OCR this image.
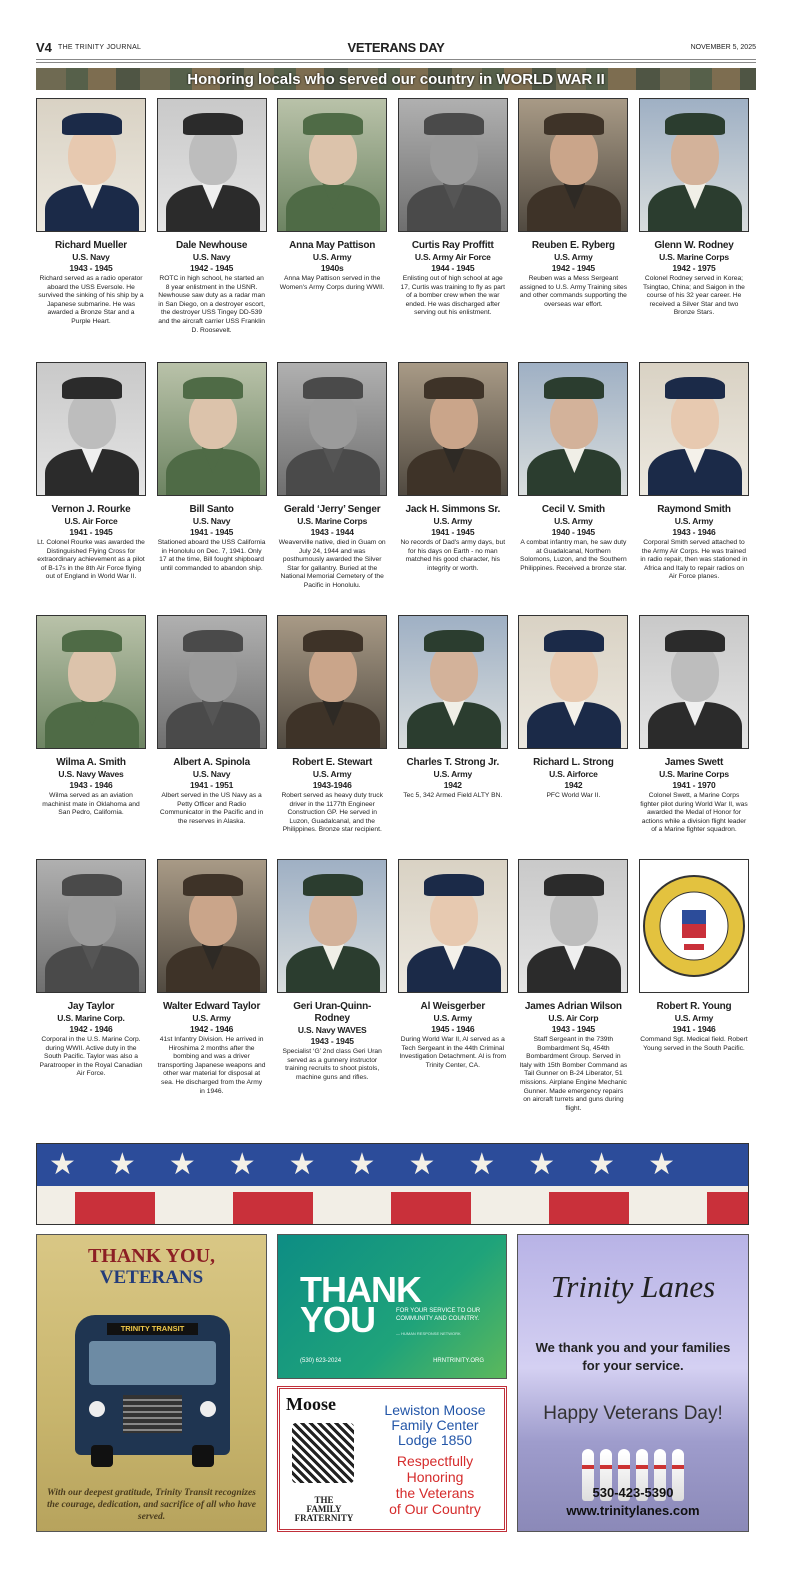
V4 THE TRINITY JOURNAL	VETERANS DAY	NOVEMBER 5, 2025
Honoring locals who served our country in WORLD WAR II
Richard Mueller
U.S. Navy
1943 - 1945
Richard served as a radio operator aboard the USS Eversole. He survived the sinking of his ship by a Japanese submarine. He was awarded a Bronze Star and a Purple Heart.
Dale Newhouse
U.S. Navy
1942 - 1945
ROTC in high school, he started an 8 year enlistment in the USNR. Newhouse saw duty as a radar man in San Diego, on a destroyer escort, the destroyer USS Tingey DD-539 and the aircraft carrier USS Franklin D. Roosevelt.
Anna May Pattison
U.S. Army
1940s
Anna May Pattison served in the Women's Army Corps during WWII.
Curtis Ray Proffitt
U.S. Army Air Force
1944 - 1945
Enlisting out of high school at age 17, Curtis was training to fly as part of a bomber crew when the war ended. He was discharged after serving out his enlistment.
Reuben E. Ryberg
U.S. Army
1942 - 1945
Reuben was a Mess Sergeant assigned to U.S. Army Training sites and other commands supporting the overseas war effort.
Glenn W. Rodney
U.S. Marine Corps
1942 - 1975
Colonel Rodney served in Korea; Tsingtao, China; and Saigon in the course of his 32 year career. He received a Silver Star and two Bronze Stars.
Vernon J. Rourke
U.S. Air Force
1941 - 1945
Lt. Colonel Rourke was awarded the Distinguished Flying Cross for extraordinary achievement as a pilot of B-17s in the 8th Air Force flying out of England in World War II.
Bill Santo
U.S. Navy
1941 - 1945
Stationed aboard the USS California in Honolulu on Dec. 7, 1941. Only 17 at the time, Bill fought shipboard until commanded to abandon ship.
Gerald ‘Jerry’ Senger
U.S. Marine Corps
1943 - 1944
Weaverville native, died in Guam on July 24, 1944 and was posthumously awarded the Silver Star for gallantry. Buried at the National Memorial Cemetery of the Pacific in Honolulu.
Jack H. Simmons Sr.
U.S. Army
1941 - 1945
No records of Dad's army days, but for his days on Earth - no man matched his good character, his integrity or worth.
Cecil V. Smith
U.S. Army
1940 - 1945
A combat infantry man, he saw duty at Guadalcanal, Northern Solomons, Luzon, and the Southern Philippines. Received a bronze star.
Raymond Smith
U.S. Army
1943 - 1946
Corporal Smith served attached to the Army Air Corps. He was trained in radio repair, then was stationed in Africa and Italy to repair radios on Air Force planes.
Wilma A. Smith
U.S. Navy Waves
1943 - 1946
Wilma served as an aviation machinist mate in Oklahoma and San Pedro, California.
Albert A. Spinola
U.S. Navy
1941 - 1951
Albert served in the US Navy as a Petty Officer and Radio Communicator in the Pacific and in the reserves in Alaska.
Robert E. Stewart
U.S. Army
1943-1946
Robert served as heavy duty truck driver in the 1177th Engineer Construction GP. He served in Luzon, Guadalcanal, and the Philippines. Bronze star recipient.
Charles T. Strong Jr.
U.S. Army
1942
Tec 5, 342 Armed Field ALTY BN.
Richard L. Strong
U.S. Airforce
1942
PFC World War II.
James Swett
U.S. Marine Corps
1941 - 1970
Colonel Swett, a Marine Corps fighter pilot during World War II, was awarded the Medal of Honor for actions while a division flight leader of a Marine fighter squadron.
Jay Taylor
U.S. Marine Corp.
1942 - 1946
Corporal in the U.S. Marine Corp. during WWII. Active duty in the South Pacific. Taylor was also a Paratrooper in the Royal Canadian Air Force.
Walter Edward Taylor
U.S. Army
1942 - 1946
41st Infantry Division. He arrived in Hiroshima 2 months after the bombing and was a driver transporting Japanese weapons and other war material for disposal at sea. He discharged from the Army in 1946.
Geri Uran-Quinn-Rodney
U.S. Navy WAVES
1943 - 1945
Specialist ‘G’ 2nd class Geri Uran served as a gunnery instructor training recruits to shoot pistols, machine guns and rifles.
Al Weisgerber
U.S. Army
1945 - 1946
During World War II, Al served as a Tech Sergeant in the 44th Criminal Investigation Detachment. Al is from Trinity Center, CA.
James Adrian Wilson
U.S. Air Corp
1943 - 1945
Staff Sergeant in the 739th Bombardment Sq, 454th Bombardment Group. Served in Italy with 15th Bomber Command as Tail Gunner on B-24 Liberator, 51 missions. Airplane Engine Mechanic Gunner. Made emergency repairs on aircraft turrets and guns during flight.
Robert R. Young
U.S. Army
1941 - 1946
Command Sgt. Medical field. Robert Young served in the South Pacific.
★ ★ ★ ★ ★ ★ ★ ★ ★ ★ ★
THANK YOU,
VETERANS
TRINITY TRANSIT
With our deepest gratitude, Trinity Transit recognizes the courage, dedication, and sacrifice of all who have served.
THANK
YOU	FOR YOUR SERVICE TO OUR COMMUNITY AND COUNTRY.
— HUMAN RESPONSE NETWORK
(530) 623-2024	HRNTRINITY.ORG
Moose
THE
FAMILY
FRATERNITY
Lewiston Moose
Family Center
Lodge 1850
Respectfully
Honoring
the Veterans
of Our Country
Trinity Lanes
We thank you and your families for your service.
Happy Veterans Day!
530-423-5390
www.trinitylanes.com
